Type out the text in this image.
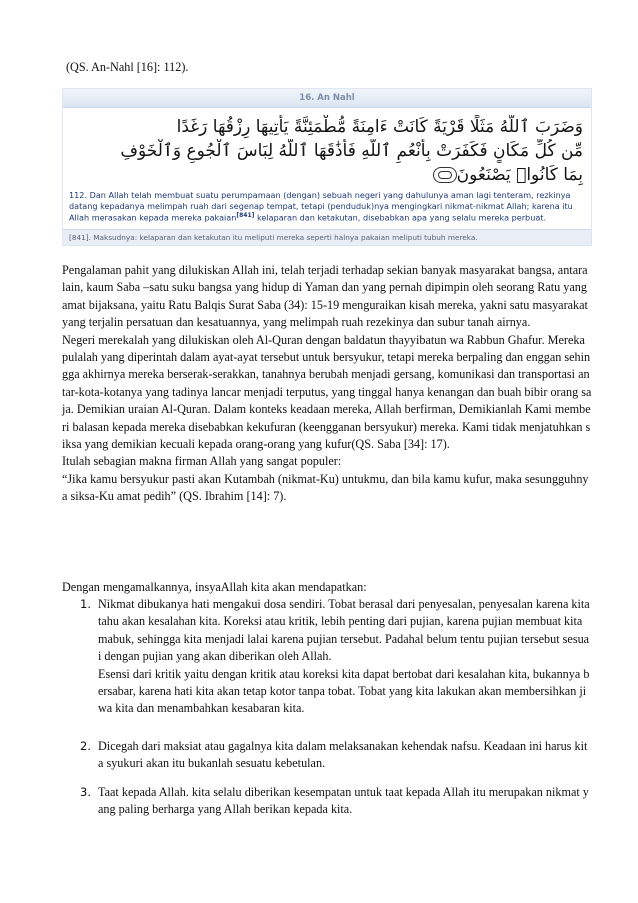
(QS. An-Nahl [16]: 112).
16. An Nahl
وَضَرَبَ ٱللَّهُ مَثَلًا قَرْيَةً كَانَتْ ءَامِنَةً مُّطْمَئِنَّةً يَأْتِيهَا رِزْقُهَا رَغَدًا
مِّن كُلِّ مَكَانٍ فَكَفَرَتْ بِأَنْعُمِ ٱللَّهِ فَأَذَٰقَهَا ٱللَّهُ لِبَاسَ ٱلْجُوعِ وَٱلْخَوْفِ
بِمَا كَانُوا۟ يَصْنَعُونَ
112. Dan Allah telah membuat suatu perumpamaan (dengan) sebuah negeri yang dahulunya aman lagi tenteram, rezkinya datang kepadanya melimpah ruah dari segenap tempat, tetapi (penduduk)nya mengingkari nikmat-nikmat Allah; karena itu Allah merasakan kepada mereka pakaian[841] kelaparan dan ketakutan, disebabkan apa yang selalu mereka perbuat.
[841]. Maksudnya: kelaparan dan ketakutan itu meliputi mereka seperti halnya pakaian meliputi tubuh mereka.

Pengalaman pahit yang dilukiskan Allah ini, telah terjadi terhadap sekian banyak masyarakat bangsa, antara lain, kaum Saba –satu suku bangsa yang hidup di Yaman dan yang pernah dipimpin oleh seorang Ratu yang amat bijaksana, yaitu Ratu Balqis Surat Saba (34): 15-19 menguraikan kisah mereka, yakni satu masyarakat yang terjalin persatuan dan kesatuannya, yang melimpah ruah rezekinya dan subur tanah airnya.

Negeri merekalah yang dilukiskan oleh Al-Quran dengan baldatun thayyibatun wa Rabbun Ghafur. Mereka pulalah yang diperintah dalam ayat-ayat tersebut untuk bersyukur, tetapi mereka berpaling dan enggan sehingga akhirnya mereka berserak-serakkan, tanahnya berubah menjadi gersang, komunikasi dan transportasi antar-kota-kotanya yang tadinya lancar menjadi terputus, yang tinggal hanya kenangan dan buah bibir orang saja. Demikian uraian Al-Quran. Dalam konteks keadaan mereka, Allah berfirman, Demikianlah Kami memberi balasan kepada mereka disebabkan kekufuran (keengganan bersyukur) mereka. Kami tidak menjatuhkan siksa yang demikian kecuali kepada orang-orang yang kufur(QS. Saba [34]: 17).

Itulah sebagian makna firman Allah yang sangat populer:

“Jika kamu bersyukur pasti akan Kutambah (nikmat-Ku) untukmu, dan bila kamu kufur, maka sesungguhnya siksa-Ku amat pedih” (QS. Ibrahim [14]: 7).

Dengan mengamalkannya, insyaAllah kita akan mendapatkan:
1. Nikmat dibukanya hati mengakui dosa sendiri. Tobat berasal dari penyesalan, penyesalan karena kita tahu akan kesalahan kita. Koreksi atau kritik, lebih penting dari pujian, karena pujian membuat kita mabuk, sehingga kita menjadi lalai karena pujian tersebut. Padahal belum tentu pujian tersebut sesuai dengan pujian yang akan diberikan oleh Allah.

Esensi dari kritik yaitu dengan kritik atau koreksi kita dapat bertobat dari kesalahan kita, bukannya bersabar, karena hati kita akan tetap kotor tanpa tobat. Tobat yang kita lakukan akan membersihkan jiwa kita dan menambahkan kesabaran kita.

2. Dicegah dari maksiat atau gagalnya kita dalam melaksanakan kehendak nafsu. Keadaan ini harus kita syukuri akan itu bukanlah sesuatu kebetulan.

3. Taat kepada Allah. kita selalu diberikan kesempatan untuk taat kepada Allah itu merupakan nikmat yang paling berharga yang Allah berikan kepada kita.
